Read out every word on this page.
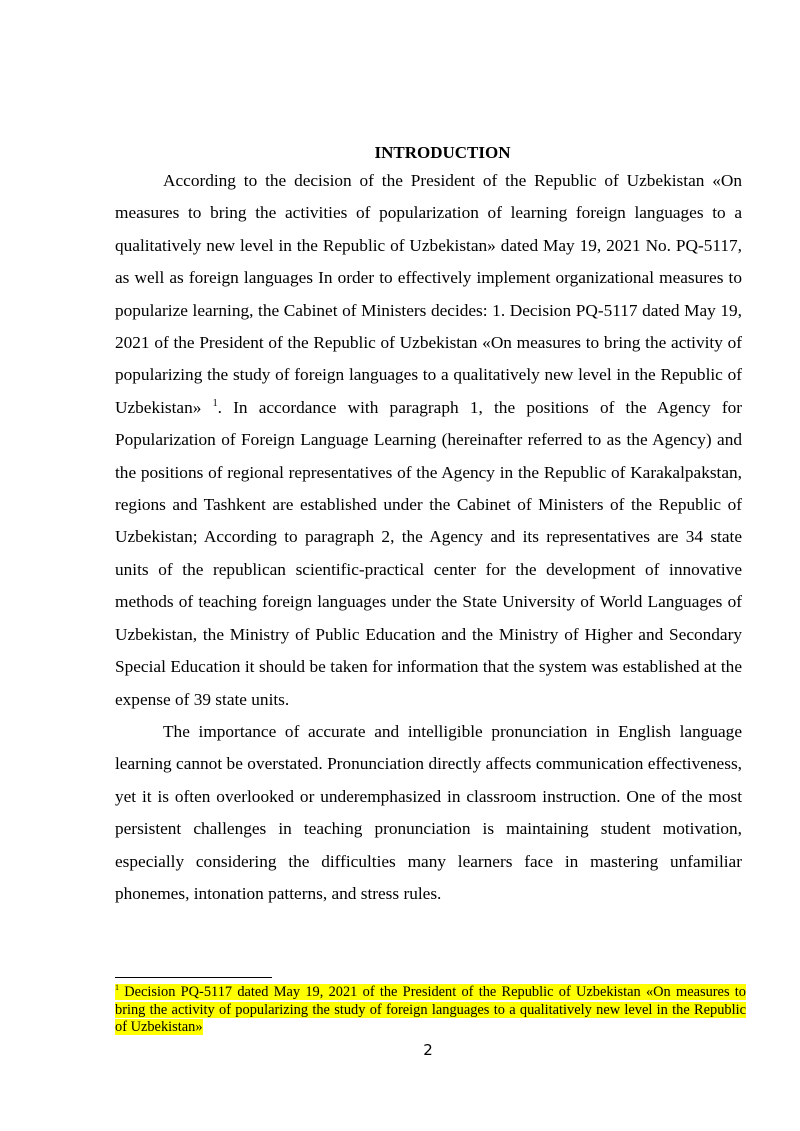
INTRODUCTION

According to the decision of the President of the Republic of Uzbekistan «On measures to bring the activities of popularization of learning foreign languages to a qualitatively new level in the Republic of Uzbekistan» dated May 19, 2021 No. PQ-5117, as well as foreign languages In order to effectively implement organizational measures to popularize learning, the Cabinet of Ministers decides: 1. Decision PQ-5117 dated May 19, 2021 of the President of the Republic of Uzbekistan «On measures to bring the activity of popularizing the study of foreign languages to a qualitatively new level in the Republic of Uzbekistan» $^1$. In accordance with paragraph 1, the positions of the Agency for Popularization of Foreign Language Learning (hereinafter referred to as the Agency) and the positions of regional representatives of the Agency in the Republic of Karakalpakstan, regions and Tashkent are established under the Cabinet of Ministers of the Republic of Uzbekistan; According to paragraph 2, the Agency and its representatives are 34 state units of the republican scientific-practical center for the development of innovative methods of teaching foreign languages under the State University of World Languages of Uzbekistan, the Ministry of Public Education and the Ministry of Higher and Secondary Special Education it should be taken for information that the system was established at the expense of 39 state units.

The importance of accurate and intelligible pronunciation in English language learning cannot be overstated. Pronunciation directly affects communication effectiveness, yet it is often overlooked or underemphasized in classroom instruction. One of the most persistent challenges in teaching pronunciation is maintaining student motivation, especially considering the difficulties many learners face in mastering unfamiliar phonemes, intonation patterns, and stress rules.

$^1$ Decision PQ-5117 dated May 19, 2021 of the President of the Republic of Uzbekistan «On measures to bring the activity of popularizing the study of foreign languages to a qualitatively new level in the Republic of Uzbekistan»

2
